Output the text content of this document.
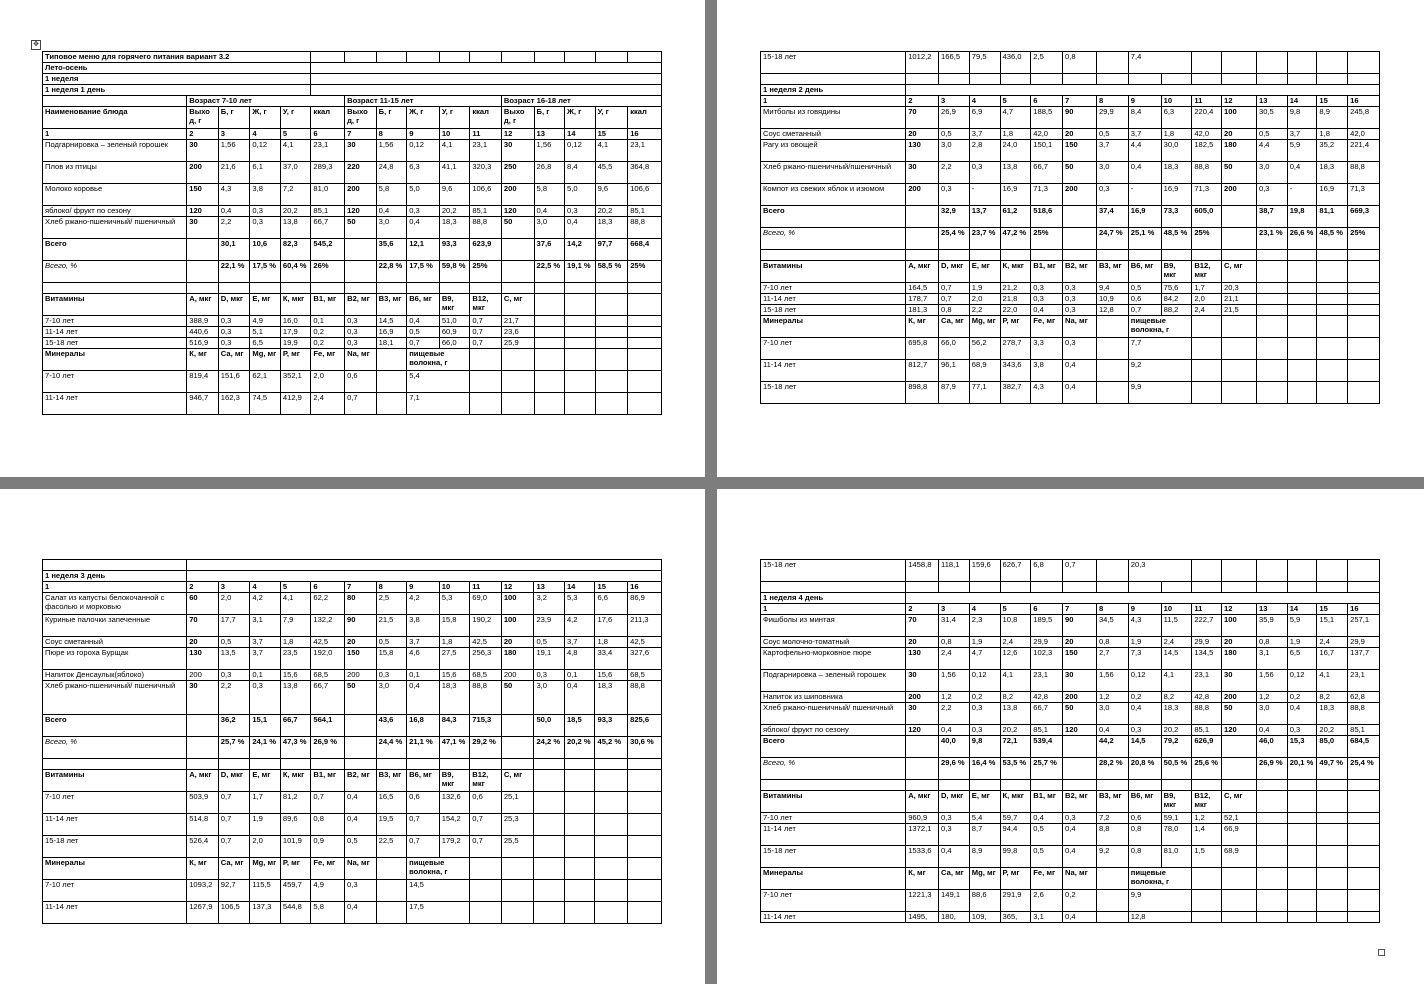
✥
Типовое меню для горячего питания вариант 3.2															
Лето-осень															
1 неделя															
1 неделя 1 день															
	Возраст 7-10 лет					Возраст 11-15 лет					Возраст 16-18 лет				
Наименование блюда	Выхо д, г	Б, г	Ж, г	У, г	ккал	Выхо д, г	Б, г	Ж, г	У, г	ккал	Выхо д, г	Б, г	Ж, г	У, г	ккал
1	2	3	4	5	6	7	8	9	10	11	12	13	14	15	16
Подгарнировка – зеленый горошек	30	1,56	0,12	4,1	23,1	30	1,56	0,12	4,1	23,1	30	1,56	0,12	4,1	23,1
Плов из птицы	200	21,6	6,1	37,0	289,3	220	24,8	6,3	41,1	320,3	250	26,8	8,4	45,5	364,8
Молоко коровье	150	4,3	3,8	7,2	81,0	200	5,8	5,0	9,6	106,6	200	5,8	5,0	9,6	106,6
яблоко/ фрукт по сезону	120	0,4	0,3	20,2	85,1	120	0,4	0,3	20,2	85,1	120	0,4	0,3	20,2	85,1
Хлеб ржано-пшеничный/ пшеничный	30	2,2	0,3	13,8	66,7	50	3,0	0,4	18,3	88,8	50	3,0	0,4	18,3	88,8
Всего		30,1	10,6	82,3	545,2		35,6	12,1	93,3	623,9		37,6	14,2	97,7	668,4
Всего, %		22,1 %	17,5 %	60,4 %	26%		22,8 %	17,5 %	59,8 %	25%		22,5 %	19,1 %	58,5 %	25%

Витамины	А, мкг	D, мкг	Е, мг	К, мкг	В1, мг	В2, мг	В3, мг	В6, мг	В9, мкг	В12, мкг	С, мг				
7-10 лет	388,9	0,3	4,9	16,0	0,1	0,3	14,5	0,4	51,0	0,7	21,7				
11-14 лет	440,6	0,3	5,1	17,9	0,2	0,3	16,9	0,5	60,9	0,7	23,6				
15-18 лет	516,9	0,3	6,5	19,9	0,2	0,3	18,1	0,7	66,0	0,7	25,9				
Минералы	К, мг	Са, мг	Мg, мг	Р, мг	Fe, мг	Na, мг		пищевые волокна, г							
7-10 лет	819,4	151,6	62,1	352,1	2,0	0,6		5,4							
11-14 лет	946,7	162,3	74,5	412,9	2,4	0,7		7,1							
15-18 лет	1012,2	166,5	79,5	436,0	2,5	0,8		7,4							

1 неделя 2 день															
1	2	3	4	5	6	7	8	9	10	11	12	13	14	15	16
Митболы из говядины	70	26,9	6,9	4,7	188,5	90	29,9	8,4	6,3	220,4	100	30,5	9,8	8,9	245,8
Соус сметанный	20	0,5	3,7	1,8	42,0	20	0,5	3,7	1,8	42,0	20	0,5	3,7	1,8	42,0
Рагу из овощей	130	3,0	2,8	24,0	150,1	150	3,7	4,4	30,0	182,5	180	4,4	5,9	35,2	221,4
Хлеб ржано-пшеничный/пшеничный	30	2,2	0,3	13,8	66,7	50	3,0	0,4	18,3	88,8	50	3,0	0,4	18,3	88,8
Компот из свежих яблок и изюмом	200	0,3	-	16,9	71,3	200	0,3	-	16,9	71,3	200	0,3	-	16,9	71,3
Всего		32,9	13,7	61,2	518,6		37,4	16,9	73,3	605,0		38,7	19,8	81,1	669,3
Всего, %		25,4 %	23,7 %	47,2 %	25%		24,7 %	25,1 %	48,5 %	25%		23,1 %	26,6 %	48,5 %	25%

Витамины	А, мкг	D, мкг	Е, мг	К, мкг	В1, мг	В2, мг	В3, мг	В6, мг	В9, мкг	В12, мкг	С, мг				
7-10 лет	164,5	0,7	1,9	21,2	0,3	0,3	9,4	0,5	75,6	1,7	20,3				
11-14 лет	178,7	0,7	2,0	21,8	0,3	0,3	10,9	0,6	84,2	2,0	21,1				
15-18 лет	181,3	0,8	2,2	22,0	0,4	0,3	12,8	0,7	88,2	2,4	21,5				
Минералы	К, мг	Са, мг	Мg, мг	Р, мг	Fe, мг	Na, мг		пищевые волокна, г							
7-10 лет	695,8	66,0	56,2	278,7	3,3	0,3		7,7							
11-14 лет	812,7	96,1	68,9	343,6	3,8	0,4		9,2							
15-18 лет	898,8	87,9	77,1	382,7	4,3	0,4		9,9							

1 неделя 3 день															
1	2	3	4	5	6	7	8	9	10	11	12	13	14	15	16
Салат из капусты белокочанной с фасолью и морковью	60	2,0	4,2	4,1	62,2	80	2,5	4,2	5,3	69,0	100	3,2	5,3	6,6	86,9
Куриные палочки запеченные	70	17,7	3,1	7,9	132,2	90	21,5	3,8	15,8	190,2	100	23,9	4,2	17,6	211,3
Соус сметанный	20	0,5	3,7	1,8	42,5	20	0,5	3,7	1,8	42,5	20	0,5	3,7	1,8	42,5
Пюре из гороха Бурщак	130	13,5	3,7	23,5	192,0	150	15,8	4,6	27,5	256,3	180	19,1	4,8	33,4	327,6
Напиток Денсаулык(яблоко)	200	0,3	0,1	15,6	68,5	200	0,3	0,1	15,6	68,5	200	0,3	0,1	15,6	68,5
Хлеб ржано-пшеничный/ пшеничный	30	2,2	0,3	13,8	66,7	50	3,0	0,4	18,3	88,8	50	3,0	0,4	18,3	88,8
Всего		36,2	15,1	66,7	564,1		43,6	16,8	84,3	715,3		50,0	18,5	93,3	825,6
Всего, %		25,7 %	24,1 %	47,3 %	26,9 %		24,4 %	21,1 %	47,1 %	29,2 %		24,2 %	20,2 %	45,2 %	30,6 %

Витамины	А, мкг	D, мкг	Е, мг	К, мкг	В1, мг	В2, мг	В3, мг	В6, мг	В9, мкг	В12, мкг	С, мг				
7-10 лет	503,9	0,7	1,7	81,2	0,7	0,4	16,5	0,6	132,6	0,6	25,1				
11-14 лет	514,8	0,7	1,9	89,6	0,8	0,4	19,5	0,7	154,2	0,7	25,3				
15-18 лет	526,4	0,7	2,0	101,9	0,9	0,5	22,5	0,7	179,2	0,7	25,5				
Минералы	К, мг	Са, мг	Мg, мг	Р, мг	Fe, мг	Na, мг		пищевые волокна, г							
7-10 лет	1093,2	92,7	115,5	459,7	4,9	0,3		14,5							
11-14 лет	1267,9	106,5	137,3	544,8	5,8	0,4		17,5							
15-18 лет	1458,8	118,1	159,6	626,7	6,8	0,7		20,3							

1 неделя 4 день															
1	2	3	4	5	6	7	8	9	10	11	12	13	14	15	16
Фишболы из минтая	70	31,4	2,3	10,8	189,5	90	34,5	4,3	11,5	222,7	100	35,9	5,9	15,1	257,1
Соус молочно-томатный	20	0,8	1,9	2,4	29,9	20	0,8	1,9	2,4	29,9	20	0,8	1,9	2,4	29,9
Картофельно-морковное пюре	130	2,4	4,7	12,6	102,3	150	2,7	7,3	14,5	134,5	180	3,1	6,5	16,7	137,7
Подгарнировка – зеленый горошек	30	1,56	0,12	4,1	23,1	30	1,56	0,12	4,1	23,1	30	1,56	0,12	4,1	23,1
Напиток из шиповника	200	1,2	0,2	8,2	42,8	200	1,2	0,2	8,2	42,8	200	1,2	0,2	8,2	62,8
Хлеб ржано-пшеничный/ пшеничный	30	2,2	0,3	13,8	66,7	50	3,0	0,4	18,3	88,8	50	3,0	0,4	18,3	88,8
яблоко/ фрукт по сезону	120	0,4	0,3	20,2	85,1	120	0,4	0,3	20,2	85,1	120	0,4	0,3	20,2	85,1
Всего		40,0	9,8	72,1	539,4		44,2	14,5	79,2	626,9		46,0	15,3	85,0	684,5
Всего, %		29,6 %	16,4 %	53,5 %	25,7 %		28,2 %	20,8 %	50,5 %	25,6 %		26,9 %	20,1 %	49,7 %	25,4 %

Витамины	А, мкг	D, мкг	Е, мг	К, мкг	В1, мг	В2, мг	В3, мг	В6, мг	В9, мкг	В12, мкг	С, мг				
7-10 лет	960,9	0,3	5,4	59,7	0,4	0,3	7,2	0,6	59,1	1,2	52,1				
11-14 лет	1372,1	0,3	8,7	94,4	0,5	0,4	8,8	0,8	78,0	1,4	66,9				
15-18 лет	1533,6	0,4	8,9	99,8	0,5	0,4	9,2	0,8	81,0	1,5	68,9				
Минералы	К, мг	Са, мг	Мg, мг	Р, мг	Fe, мг	Na, мг		пищевые волокна, г							
7-10 лет	1221,3	149,1	88,6	291,9	2,6	0,2		9,9							
11-14 лет	1495,	180,	109,	365,	3,1	0,4		12,8							
